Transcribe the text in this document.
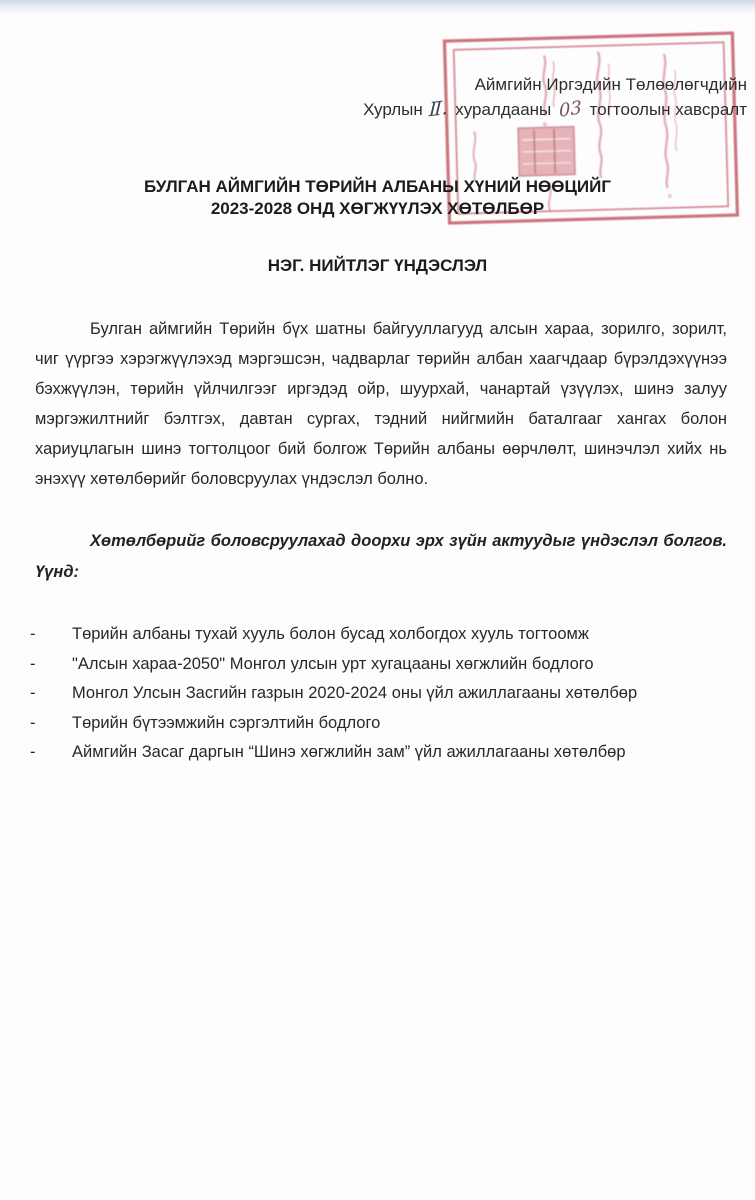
Аймгийн Иргэдийн Төлөөлөгчдийн
Хурлын Ⅱ. хуралдааны 03 тогтоолын хавсралт
БУЛГАН АЙМГИЙН ТӨРИЙН АЛБАНЫ ХҮНИЙ НӨӨЦИЙГ
2023-2028 ОНД ХӨГЖҮҮЛЭХ ХӨТӨЛБӨР
НЭГ. НИЙТЛЭГ ҮНДЭСЛЭЛ
Булган аймгийн Төрийн бүх шатны байгууллагууд алсын хараа, зорилго, зорилт, чиг үүргээ хэрэгжүүлэхэд мэргэшсэн, чадварлаг төрийн албан хаагчдаар бүрэлдэхүүнээ бэхжүүлэн, төрийн үйлчилгээг иргэдэд ойр, шуурхай, чанартай үзүүлэх, шинэ залуу мэргэжилтнийг бэлтгэх, давтан сургах, тэдний нийгмийн баталгааг хангах болон хариуцлагын шинэ тогтолцоог бий болгож Төрийн албаны өөрчлөлт, шинэчлэл хийх нь энэхүү хөтөлбөрийг боловсруулах үндэслэл болно.
Хөтөлбөрийг боловсруулахад доорхи эрх зүйн актуудыг үндэслэл болгов. Үүнд:
-	Төрийн албаны тухай хууль болон бусад холбогдох хууль тогтоомж
-	"Алсын хараа-2050" Монгол улсын урт хугацааны хөгжлийн бодлого
-	Монгол Улсын Засгийн газрын 2020-2024 оны үйл ажиллагааны хөтөлбөр
-	Төрийн бүтээмжийн сэргэлтийн бодлого
-	Аймгийн Засаг даргын “Шинэ хөгжлийн зам” үйл ажиллагааны хөтөлбөр
